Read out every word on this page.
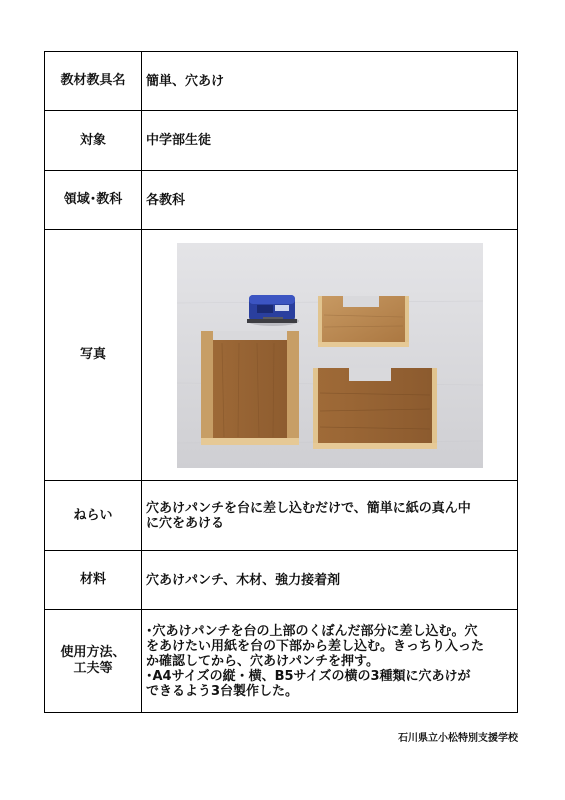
教材教具名	簡単、穴あけ
対象	中学部生徒
領域･教科	各教科
写真	

ねらい	穴あけパンチを台に差し込むだけで、簡単に紙の真ん中
に穴をあける

材料	穴あけパンチ、木材、強力接着剤

使用方法、
工夫等	･穴あけパンチを台の上部のくぼんだ部分に差し込む。穴
をあけたい用紙を台の下部から差し込む。きっちり入った
か確認してから、穴あけパンチを押す。
･A4サイズの縦・横、B5サイズの横の3種類に穴あけが
できるよう3台製作した。
石川県立小松特別支援学校
